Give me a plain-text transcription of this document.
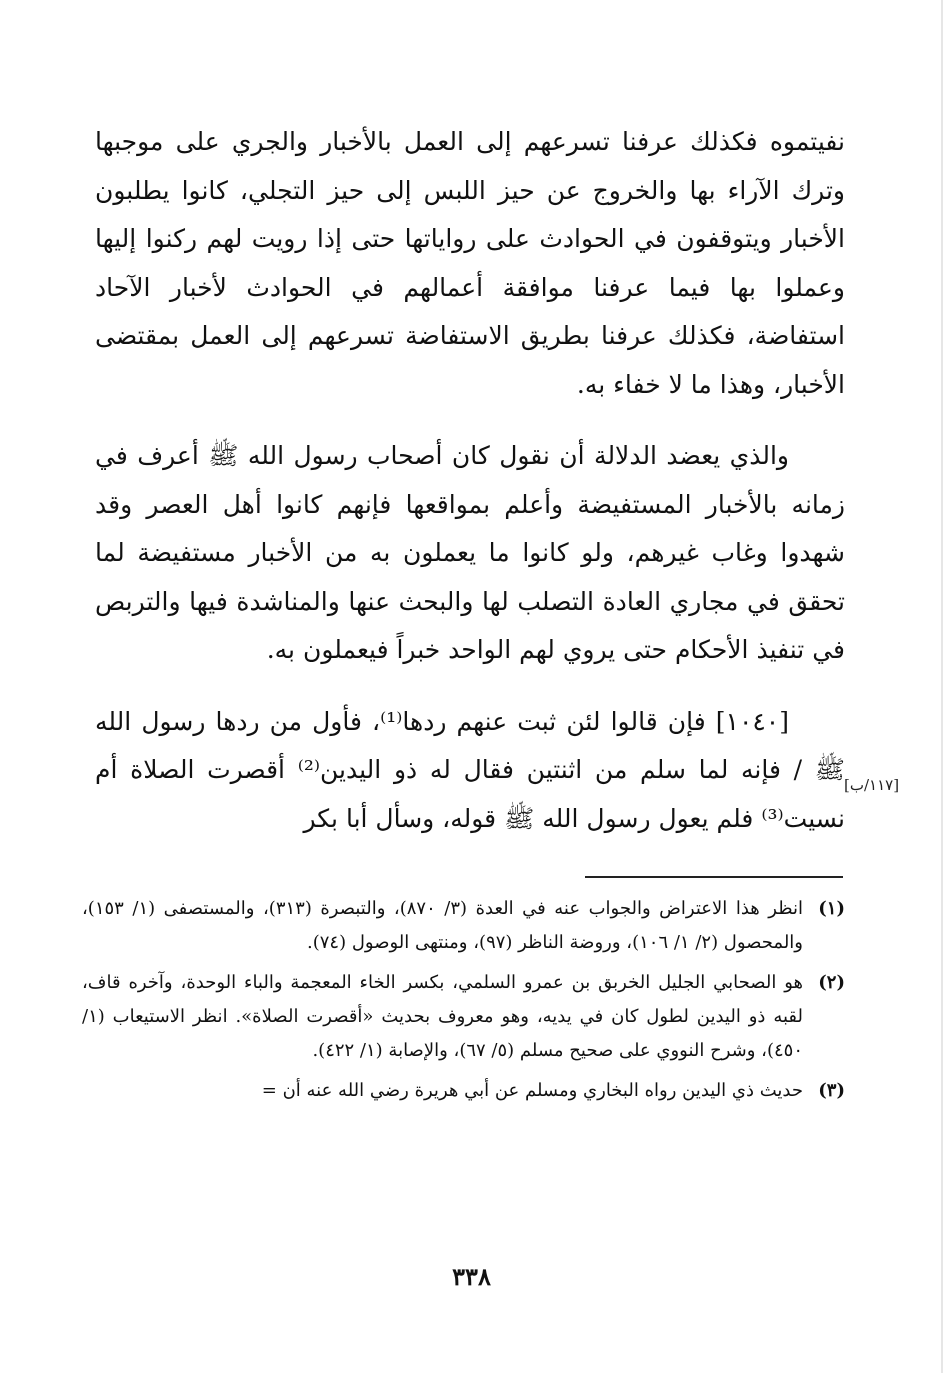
نفيتموه فكذلك عرفنا تسرعهم إلى العمل بالأخبار والجري على موجبها وترك الآراء بها والخروج عن حيز اللبس إلى حيز التجلي، كانوا يطلبون الأخبار ويتوقفون في الحوادث على رواياتها حتى إذا رويت لهم ركنوا إليها وعملوا بها فيما عرفنا موافقة أعمالهم في الحوادث لأخبار الآحاد استفاضة، فكذلك عرفنا بطريق الاستفاضة تسرعهم إلى العمل بمقتضى الأخبار، وهذا ما لا خفاء به.

والذي يعضد الدلالة أن نقول كان أصحاب رسول الله ﷺ أعرف في زمانه بالأخبار المستفيضة وأعلم بمواقعها فإنهم كانوا أهل العصر وقد شهدوا وغاب غيرهم، ولو كانوا ما يعملون به من الأخبار مستفيضة لما تحقق في مجاري العادة التصلب لها والبحث عنها والمناشدة فيها والتربص في تنفيذ الأحكام حتى يروي لهم الواحد خبراً فيعملون به.

[١٠٤٠] فإن قالوا لئن ثبت عنهم ردها⁽¹⁾، فأول من ردها رسول الله ﷺ / فإنه لما سلم من اثنتين فقال له ذو اليدين⁽²⁾ أقصرت الصلاة أم نسيت⁽³⁾ فلم يعول رسول الله ﷺ قوله، وسأل أبا بكر

[١١٧/ب]
(١)
انظر هذا الاعتراض والجواب عنه في العدة (٣/ ٨٧٠)، والتبصرة (٣١٣)، والمستصفى (١/ ١٥٣)، والمحصول (٢/ ١/ ١٠٦)، وروضة الناظر (٩٧)، ومنتهى الوصول (٧٤).
(٢)
هو الصحابي الجليل الخربق بن عمرو السلمي، بكسر الخاء المعجمة والباء الوحدة، وآخره قاف، لقبه ذو اليدين لطول كان في يديه، وهو معروف بحديث «أقصرت الصلاة». انظر الاستيعاب (١/ ٤٥٠)، وشرح النووي على صحيح مسلم (٥/ ٦٧)، والإصابة (١/ ٤٢٢).
(٣)
حديث ذي اليدين رواه البخاري ومسلم عن أبي هريرة رضي الله عنه أن =
٣٣٨
